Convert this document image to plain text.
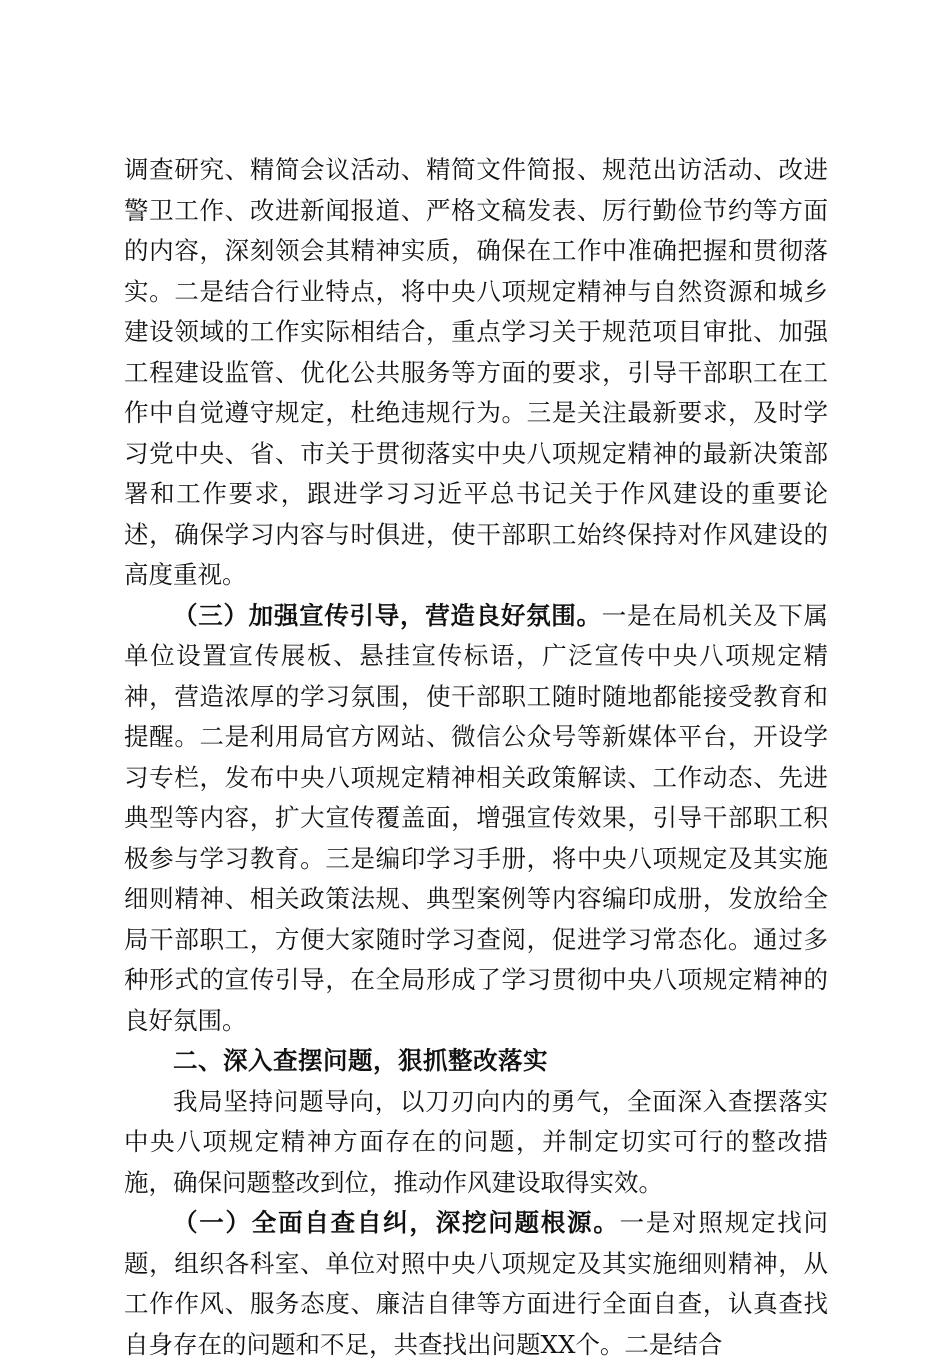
调查研究、精简会议活动、精简文件简报、规范出访活动、改进警卫工作、改进新闻报道、严格文稿发表、厉行勤俭节约等方面的内容，深刻领会其精神实质，确保在工作中准确把握和贯彻落实。二是结合行业特点，将中央八项规定精神与自然资源和城乡建设领域的工作实际相结合，重点学习关于规范项目审批、加强工程建设监管、优化公共服务等方面的要求，引导干部职工在工作中自觉遵守规定，杜绝违规行为。三是关注最新要求，及时学习党中央、省、市关于贯彻落实中央八项规定精神的最新决策部署和工作要求，跟进学习习近平总书记关于作风建设的重要论述，确保学习内容与时俱进，使干部职工始终保持对作风建设的高度重视。

（三）加强宣传引导，营造良好氛围。一是在局机关及下属单位设置宣传展板、悬挂宣传标语，广泛宣传中央八项规定精神，营造浓厚的学习氛围，使干部职工随时随地都能接受教育和提醒。二是利用局官方网站、微信公众号等新媒体平台，开设学习专栏，发布中央八项规定精神相关政策解读、工作动态、先进典型等内容，扩大宣传覆盖面，增强宣传效果，引导干部职工积极参与学习教育。三是编印学习手册，将中央八项规定及其实施细则精神、相关政策法规、典型案例等内容编印成册，发放给全局干部职工，方便大家随时学习查阅，促进学习常态化。通过多种形式的宣传引导，在全局形成了学习贯彻中央八项规定精神的良好氛围。

二、深入查摆问题，狠抓整改落实

我局坚持问题导向，以刀刃向内的勇气，全面深入查摆落实中央八项规定精神方面存在的问题，并制定切实可行的整改措施，确保问题整改到位，推动作风建设取得实效。

（一）全面自查自纠，深挖问题根源。一是对照规定找问题，组织各科室、单位对照中央八项规定及其实施细则精神，从工作作风、服务态度、廉洁自律等方面进行全面自查，认真查找自身存在的问题和不足，共查找出问题XX个。二是结合
